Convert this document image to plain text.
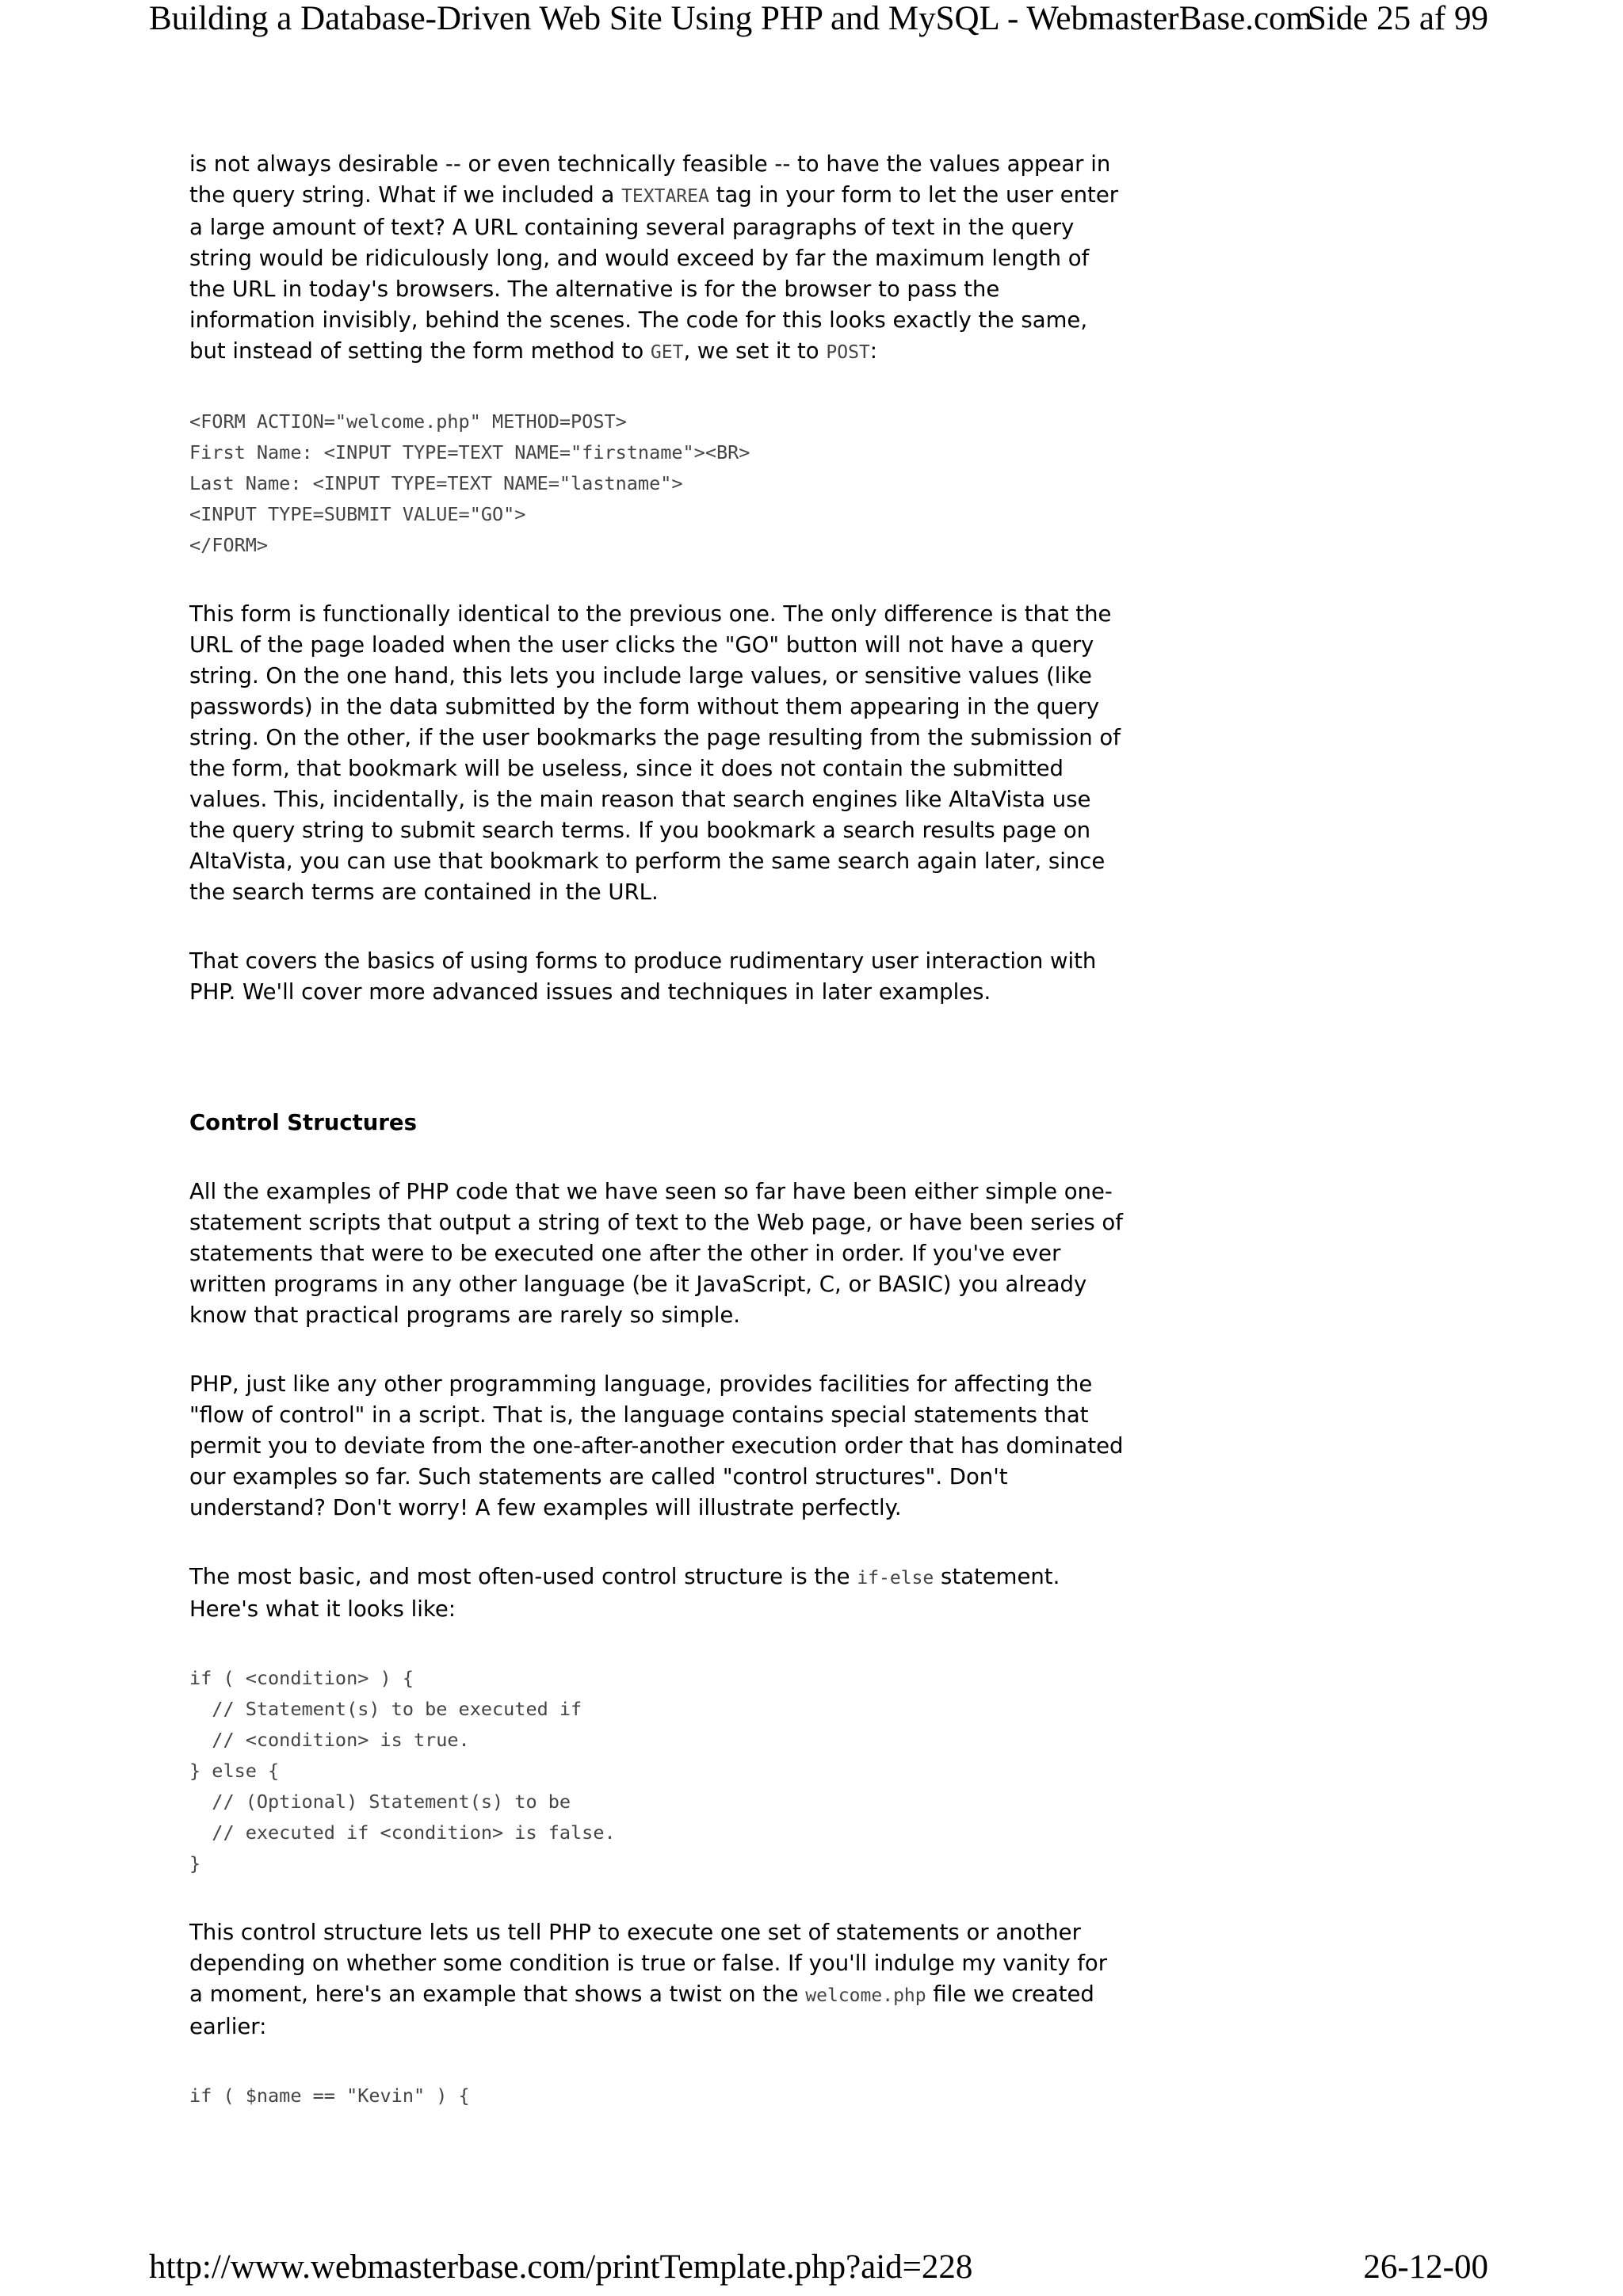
Building a Database-Driven Web Site Using PHP and MySQL - WebmasterBase.com
Side 25 af 99

is not always desirable -- or even technically feasible -- to have the values appear in the query string. What if we included a TEXTAREA tag in your form to let the user enter a large amount of text? A URL containing several paragraphs of text in the query string would be ridiculously long, and would exceed by far the maximum length of the URL in today's browsers. The alternative is for the browser to pass the information invisibly, behind the scenes. The code for this looks exactly the same, but instead of setting the form method to GET, we set it to POST:

<FORM ACTION="welcome.php" METHOD=POST>
First Name: <INPUT TYPE=TEXT NAME="firstname"><BR>
Last Name: <INPUT TYPE=TEXT NAME="lastname">
<INPUT TYPE=SUBMIT VALUE="GO">
</FORM>

This form is functionally identical to the previous one. The only difference is that the URL of the page loaded when the user clicks the "GO" button will not have a query string. On the one hand, this lets you include large values, or sensitive values (like passwords) in the data submitted by the form without them appearing in the query string. On the other, if the user bookmarks the page resulting from the submission of the form, that bookmark will be useless, since it does not contain the submitted values. This, incidentally, is the main reason that search engines like AltaVista use the query string to submit search terms. If you bookmark a search results page on AltaVista, you can use that bookmark to perform the same search again later, since the search terms are contained in the URL.

That covers the basics of using forms to produce rudimentary user interaction with PHP. We'll cover more advanced issues and techniques in later examples.

Control Structures

All the examples of PHP code that we have seen so far have been either simple one-statement scripts that output a string of text to the Web page, or have been series of statements that were to be executed one after the other in order. If you've ever written programs in any other language (be it JavaScript, C, or BASIC) you already know that practical programs are rarely so simple.

PHP, just like any other programming language, provides facilities for affecting the "flow of control" in a script. That is, the language contains special statements that permit you to deviate from the one-after-another execution order that has dominated our examples so far. Such statements are called "control structures". Don't understand? Don't worry! A few examples will illustrate perfectly.

The most basic, and most often-used control structure is the if-else statement. Here's what it looks like:

if ( <condition> ) {
// Statement(s) to be executed if
// <condition> is true.
} else {
// (Optional) Statement(s) to be
// executed if <condition> is false.
}

This control structure lets us tell PHP to execute one set of statements or another depending on whether some condition is true or false. If you'll indulge my vanity for a moment, here's an example that shows a twist on the welcome.php file we created earlier:

if ( $name == "Kevin" ) {
http://www.webmasterbase.com/printTemplate.php?aid=228	26-12-00
